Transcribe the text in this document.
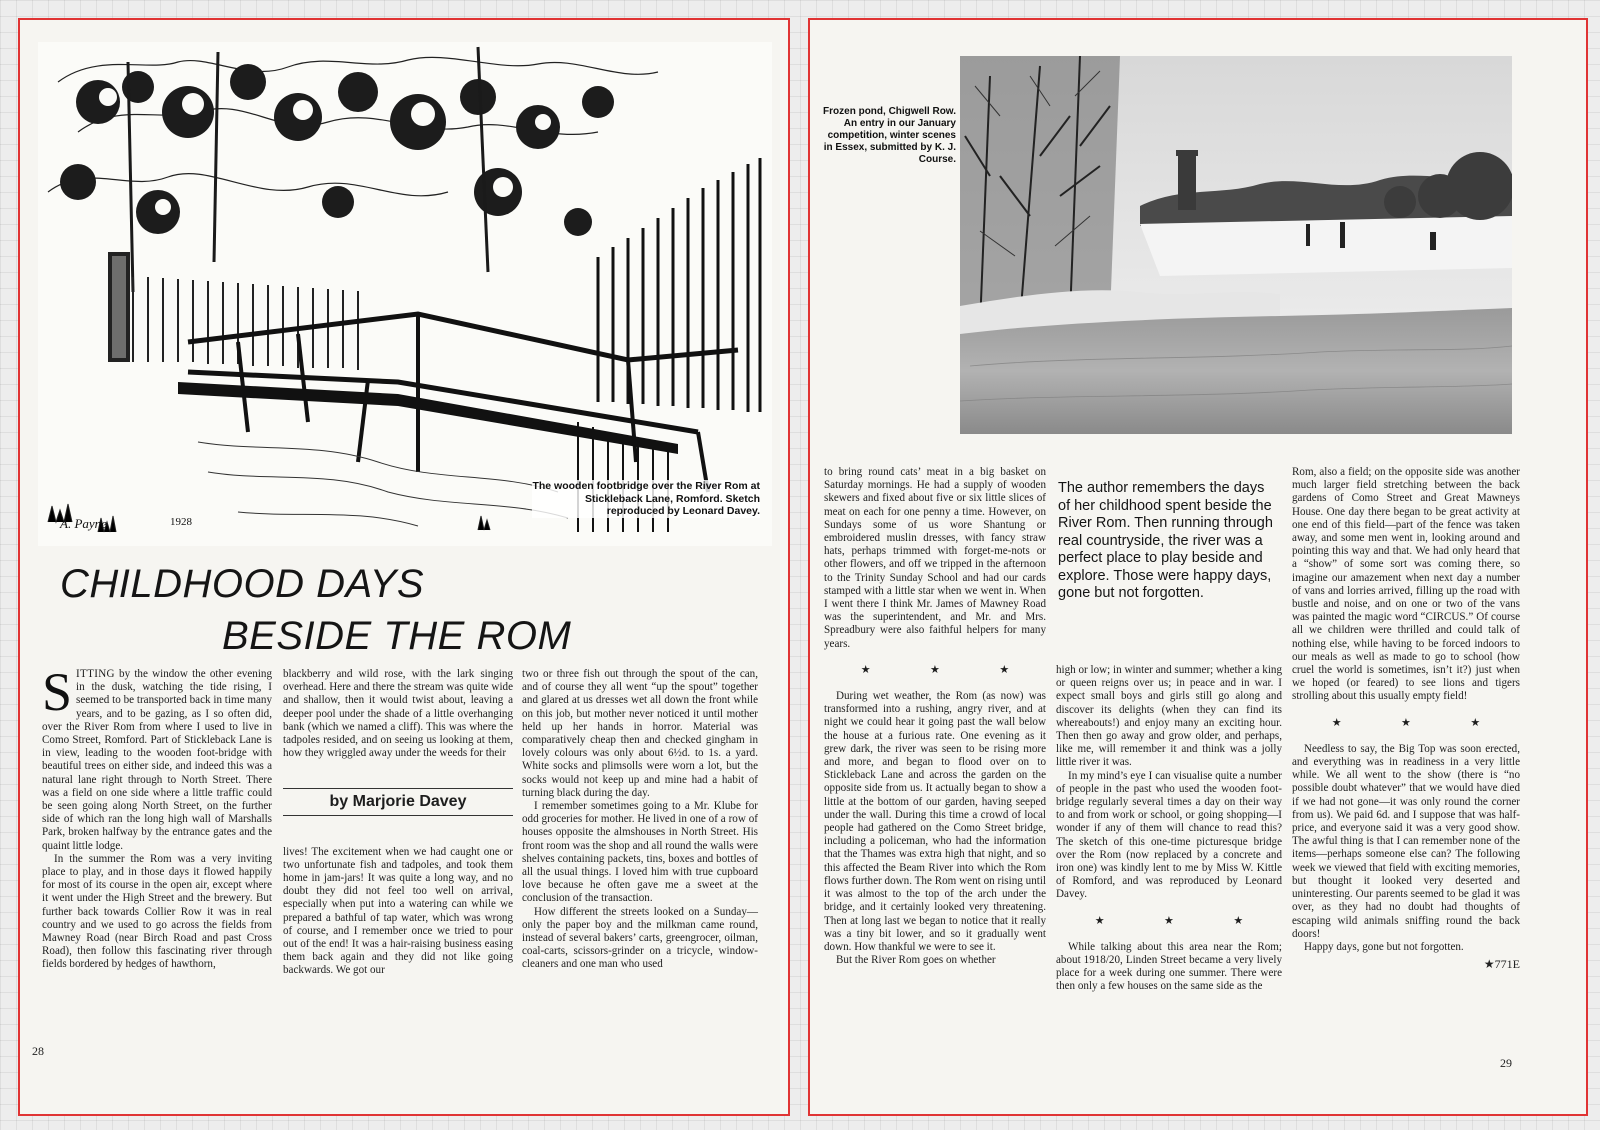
The wooden footbridge over the River Rom at Stickleback Lane, Romford. Sketch reproduced by Leonard Davey.
A. Payne	1928
CHILDHOOD DAYS
BESIDE THE ROM

SITTING by the window the other evening in the dusk, watching the tide rising, I seemed to be transported back in time many years, and to be gazing, as I so often did, over the River Rom from where I used to live in Como Street, Romford. Part of Stickleback Lane is in view, leading to the wooden foot-bridge with beautiful trees on either side, and indeed this was a natural lane right through to North Street. There was a field on one side where a little traffic could be seen going along North Street, on the further side of which ran the long high wall of Marshalls Park, broken halfway by the entrance gates and the quaint little lodge.

In the summer the Rom was a very inviting place to play, and in those days it flowed happily for most of its course in the open air, except where it went under the High Street and the brewery. But further back towards Collier Row it was in real country and we used to go across the fields from Mawney Road (near Birch Road and past Cross Road), then follow this fascinating river through fields bordered by hedges of hawthorn,

blackberry and wild rose, with the lark singing overhead. Here and there the stream was quite wide and shallow, then it would twist about, leaving a deeper pool under the shade of a little overhanging bank (which we named a cliff). This was where the tadpoles resided, and on seeing us looking at them, how they wriggled away under the weeds for their

by Marjorie Davey

lives! The excitement when we had caught one or two unfortunate fish and tadpoles, and took them home in jam-jars! It was quite a long way, and no doubt they did not feel too well on arrival, especially when put into a watering can while we prepared a bathful of tap water, which was wrong of course, and I remember once we tried to pour out of the end! It was a hair-raising business easing them back again and they did not like going backwards. We got our

two or three fish out through the spout of the can, and of course they all went “up the spout” together and glared at us dresses wet all down the front while on this job, but mother never noticed it until mother held up her hands in horror. Material was comparatively cheap then and checked gingham in lovely colours was only about 6½d. to 1s. a yard. White socks and plimsolls were worn a lot, but the socks would not keep up and mine had a habit of turning black during the day.

I remember sometimes going to a Mr. Klube for odd groceries for mother. He lived in one of a row of houses opposite the almshouses in North Street. His front room was the shop and all round the walls were shelves containing packets, tins, boxes and bottles of all the usual things. I loved him with true cupboard love because he often gave me a sweet at the conclusion of the transaction.

How different the streets looked on a Sunday—only the paper boy and the milkman came round, instead of several bakers’ carts, greengrocer, oilman, coal-carts, scissors-grinder on a tricycle, window-cleaners and one man who used

28
Frozen pond, Chigwell Row. An entry in our January competition, winter scenes in Essex, submitted by K. J. Course.
The author remembers the days of her childhood spent beside the River Rom. Then running through real countryside, the river was a perfect place to play beside and explore. Those were happy days, gone but not forgotten.

to bring round cats’ meat in a big basket on Saturday mornings. He had a supply of wooden skewers and fixed about five or six little slices of meat on each for one penny a time. However, on Sundays some of us wore Shantung or embroidered muslin dresses, with fancy straw hats, perhaps trimmed with forget-me-nots or other flowers, and off we tripped in the afternoon to the Trinity Sunday School and had our cards stamped with a little star when we went in. When I went there I think Mr. James of Mawney Road was the superintendent, and Mr. and Mrs. Spreadbury were also faithful helpers for many years.

★ ★ ★

During wet weather, the Rom (as now) was transformed into a rushing, angry river, and at night we could hear it going past the wall below the house at a furious rate. One evening as it grew dark, the river was seen to be rising more and more, and began to flood over on to Stickleback Lane and across the garden on the opposite side from us. It actually began to show a little at the bottom of our garden, having seeped under the wall. During this time a crowd of local people had gathered on the Como Street bridge, including a policeman, who had the information that the Thames was extra high that night, and so this affected the Beam River into which the Rom flows further down. The Rom went on rising until it was almost to the top of the arch under the bridge, and it certainly looked very threatening. Then at long last we began to notice that it really was a tiny bit lower, and so it gradually went down. How thankful we were to see it.

But the River Rom goes on whether

high or low; in winter and summer; whether a king or queen reigns over us; in peace and in war. I expect small boys and girls still go along and discover its delights (when they can find its whereabouts!) and enjoy many an exciting hour. Then then go away and grow older, and perhaps, like me, will remember it and think was a jolly little river it was.

In my mind’s eye I can visualise quite a number of people in the past who used the wooden foot-bridge regularly several times a day on their way to and from work or school, or going shopping—I wonder if any of them will chance to read this? The sketch of this one-time picturesque bridge over the Rom (now replaced by a concrete and iron one) was kindly lent to me by Miss W. Kittle of Romford, and was reproduced by Leonard Davey.

★ ★ ★

While talking about this area near the Rom; about 1918/20, Linden Street became a very lively place for a week during one summer. There were then only a few houses on the same side as the

Rom, also a field; on the opposite side was another much larger field stretching between the back gardens of Como Street and Great Mawneys House. One day there began to be great activity at one end of this field—part of the fence was taken away, and some men went in, looking around and pointing this way and that. We had only heard that a “show” of some sort was coming there, so imagine our amazement when next day a number of vans and lorries arrived, filling up the road with bustle and noise, and on one or two of the vans was painted the magic word “CIRCUS.” Of course all we children were thrilled and could talk of nothing else, while having to be forced indoors to our meals as well as made to go to school (how cruel the world is sometimes, isn’t it?) just when we hoped (or feared) to see lions and tigers strolling about this usually empty field!

★ ★ ★

Needless to say, the Big Top was soon erected, and everything was in readiness in a very little while. We all went to the show (there is “no possible doubt whatever” that we would have died if we had not gone—it was only round the corner from us). We paid 6d. and I suppose that was half-price, and everyone said it was a very good show. The awful thing is that I can remember none of the items—perhaps someone else can? The following week we viewed that field with exciting memories, but thought it looked very deserted and uninteresting. Our parents seemed to be glad it was over, as they had no doubt had thoughts of escaping wild animals sniffing round the back doors!

Happy days, gone but not forgotten.

★771E
29
